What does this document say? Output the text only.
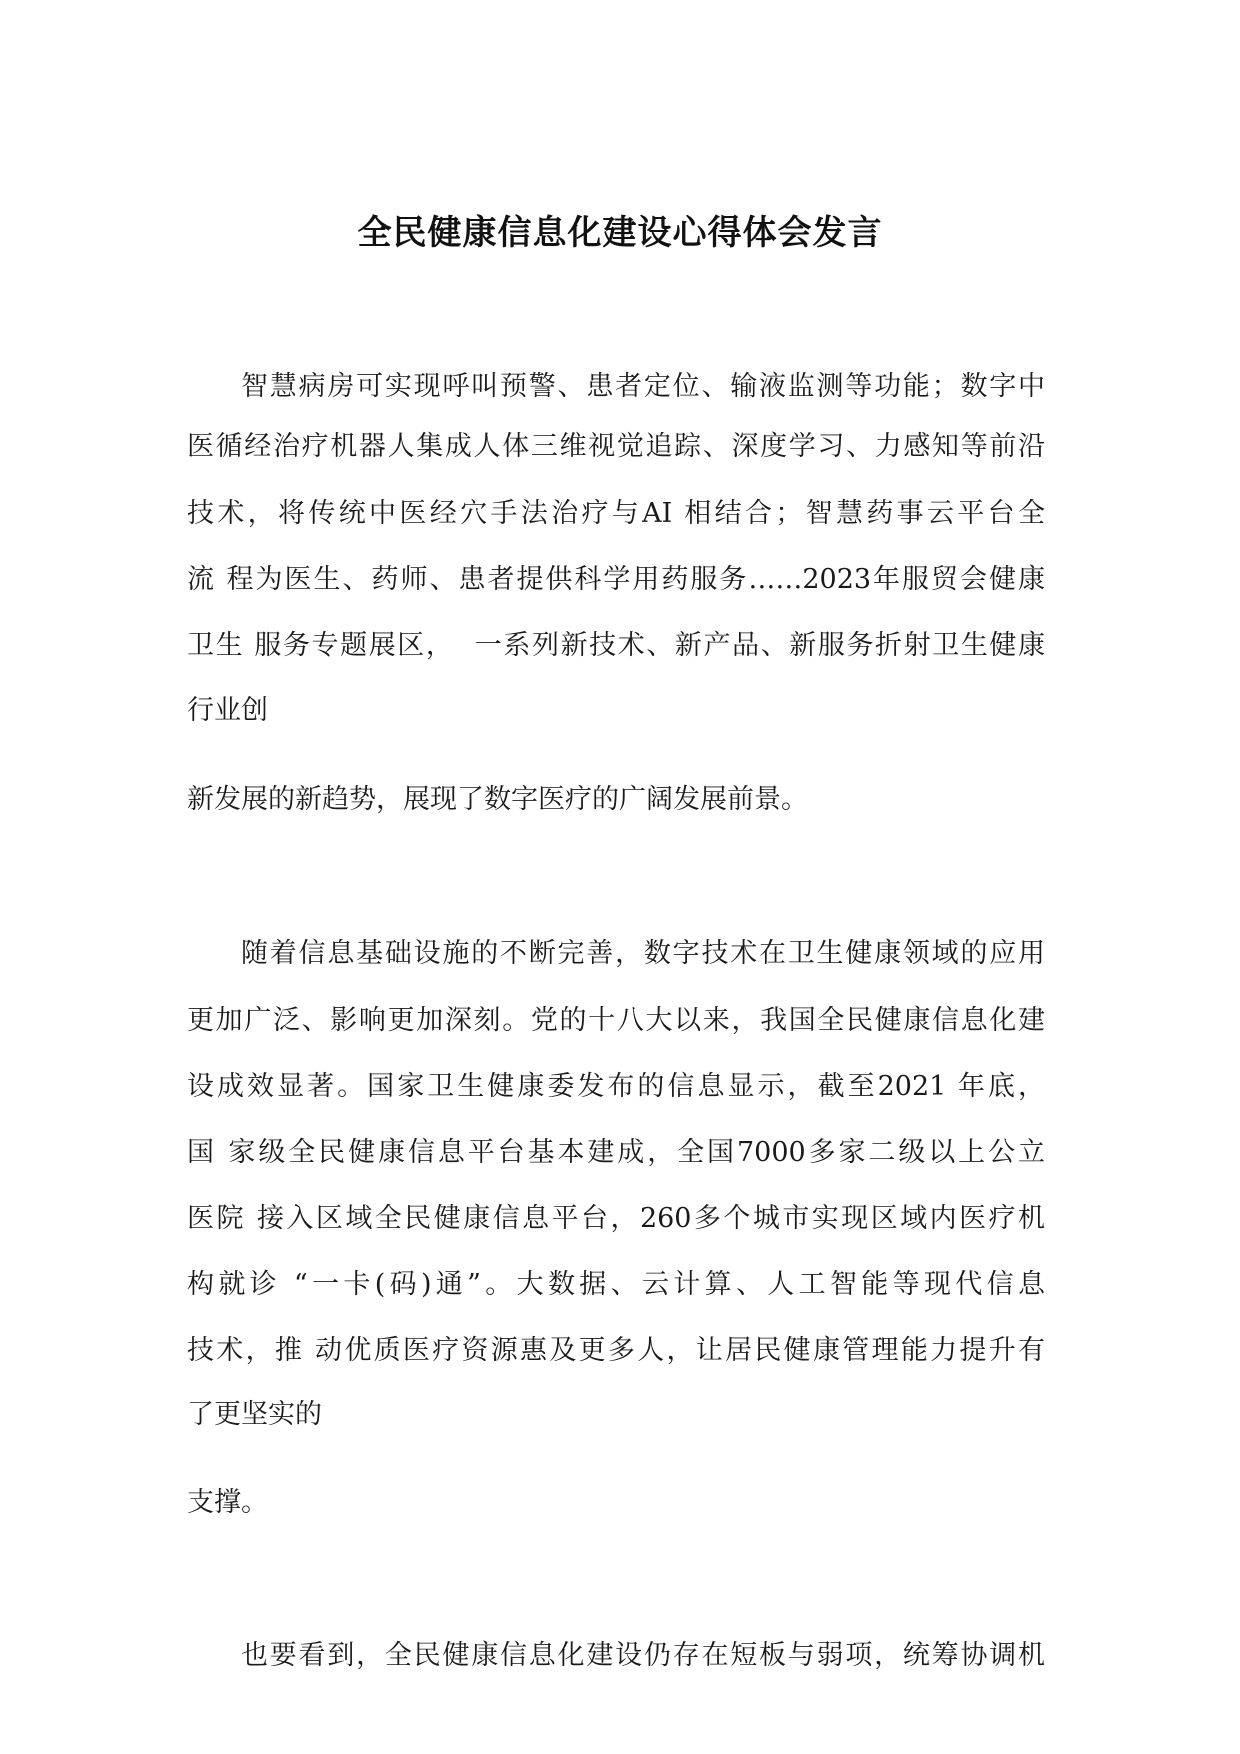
全民健康信息化建设心得体会发言
智慧病房可实现呼叫预警、患者定位、输液监测等功能；数字中
医循经治疗机器人集成人体三维视觉追踪、深度学习、力感知等前沿
技术，将传统中医经穴手法治疗与AI 相结合；智慧药事云平台全
流 程为医生、药师、患者提供科学用药服务……2023年服贸会健康
卫生 服务专题展区，  一系列新技术、新产品、新服务折射卫生健康
行业创
新发展的新趋势，展现了数字医疗的广阔发展前景。
随着信息基础设施的不断完善，数字技术在卫生健康领域的应用
更加广泛、影响更加深刻。党的十八大以来，我国全民健康信息化建
设成效显著。国家卫生健康委发布的信息显示，截至2021 年底，
国 家级全民健康信息平台基本建成，全国7000多家二级以上公立
医院 接入区域全民健康信息平台，260多个城市实现区域内医疗机
构就诊 “一卡(码)通”。大数据、云计算、人工智能等现代信息
技术，推 动优质医疗资源惠及更多人，让居民健康管理能力提升有
了更坚实的
支撑。
也要看到，全民健康信息化建设仍存在短板与弱项，统筹协调机
